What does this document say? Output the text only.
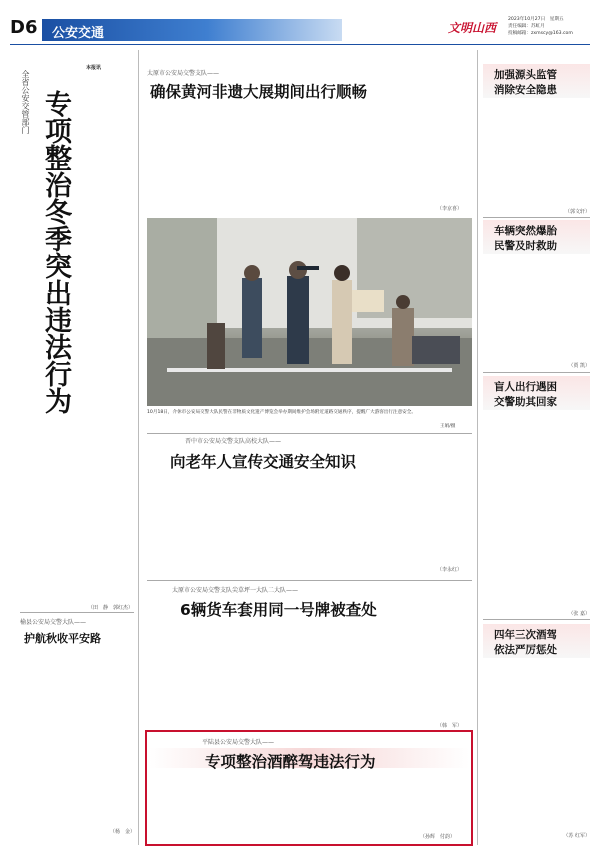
D6 公安交通	文明山西
2023年10月27日　星期五
责任编辑：苏虹月
投稿邮箱：zxmscy@163.com
全省公安交管部门 专项整治冬季突出违法行为
本报讯

（田　静　郭红杰）
榆县公安局交警大队——
护航秋收平安路
（杨　金）
太原市公安局交警支队——
确保黄河非遗大展期间出行顺畅
（李京喜）
10月18日，介休市公安局交警大队民警在非物质文化遗产博览会举办期间维护会场附近道路交通秩序，提醒广大游客出行注意安全。
王娟/摄
晋中市公安局交警支队高校大队——
向老年人宣传交通安全知识
（李永红）
太原市公安局交警支队尖草坪一大队二大队——
6辆货车套用同一号牌被查处
（韩　军）
平陆县公安局交警大队——
专项整治酒醉驾违法行为
（孙辉　付韵）
加强源头监管
消除安全隐患
（郭文轩）
车辆突然爆胎
民警及时救助
（贾 凯）
盲人出行遇困
交警助其回家
（张 嘉）
四年三次酒驾
依法严厉惩处
（苏 红军）
